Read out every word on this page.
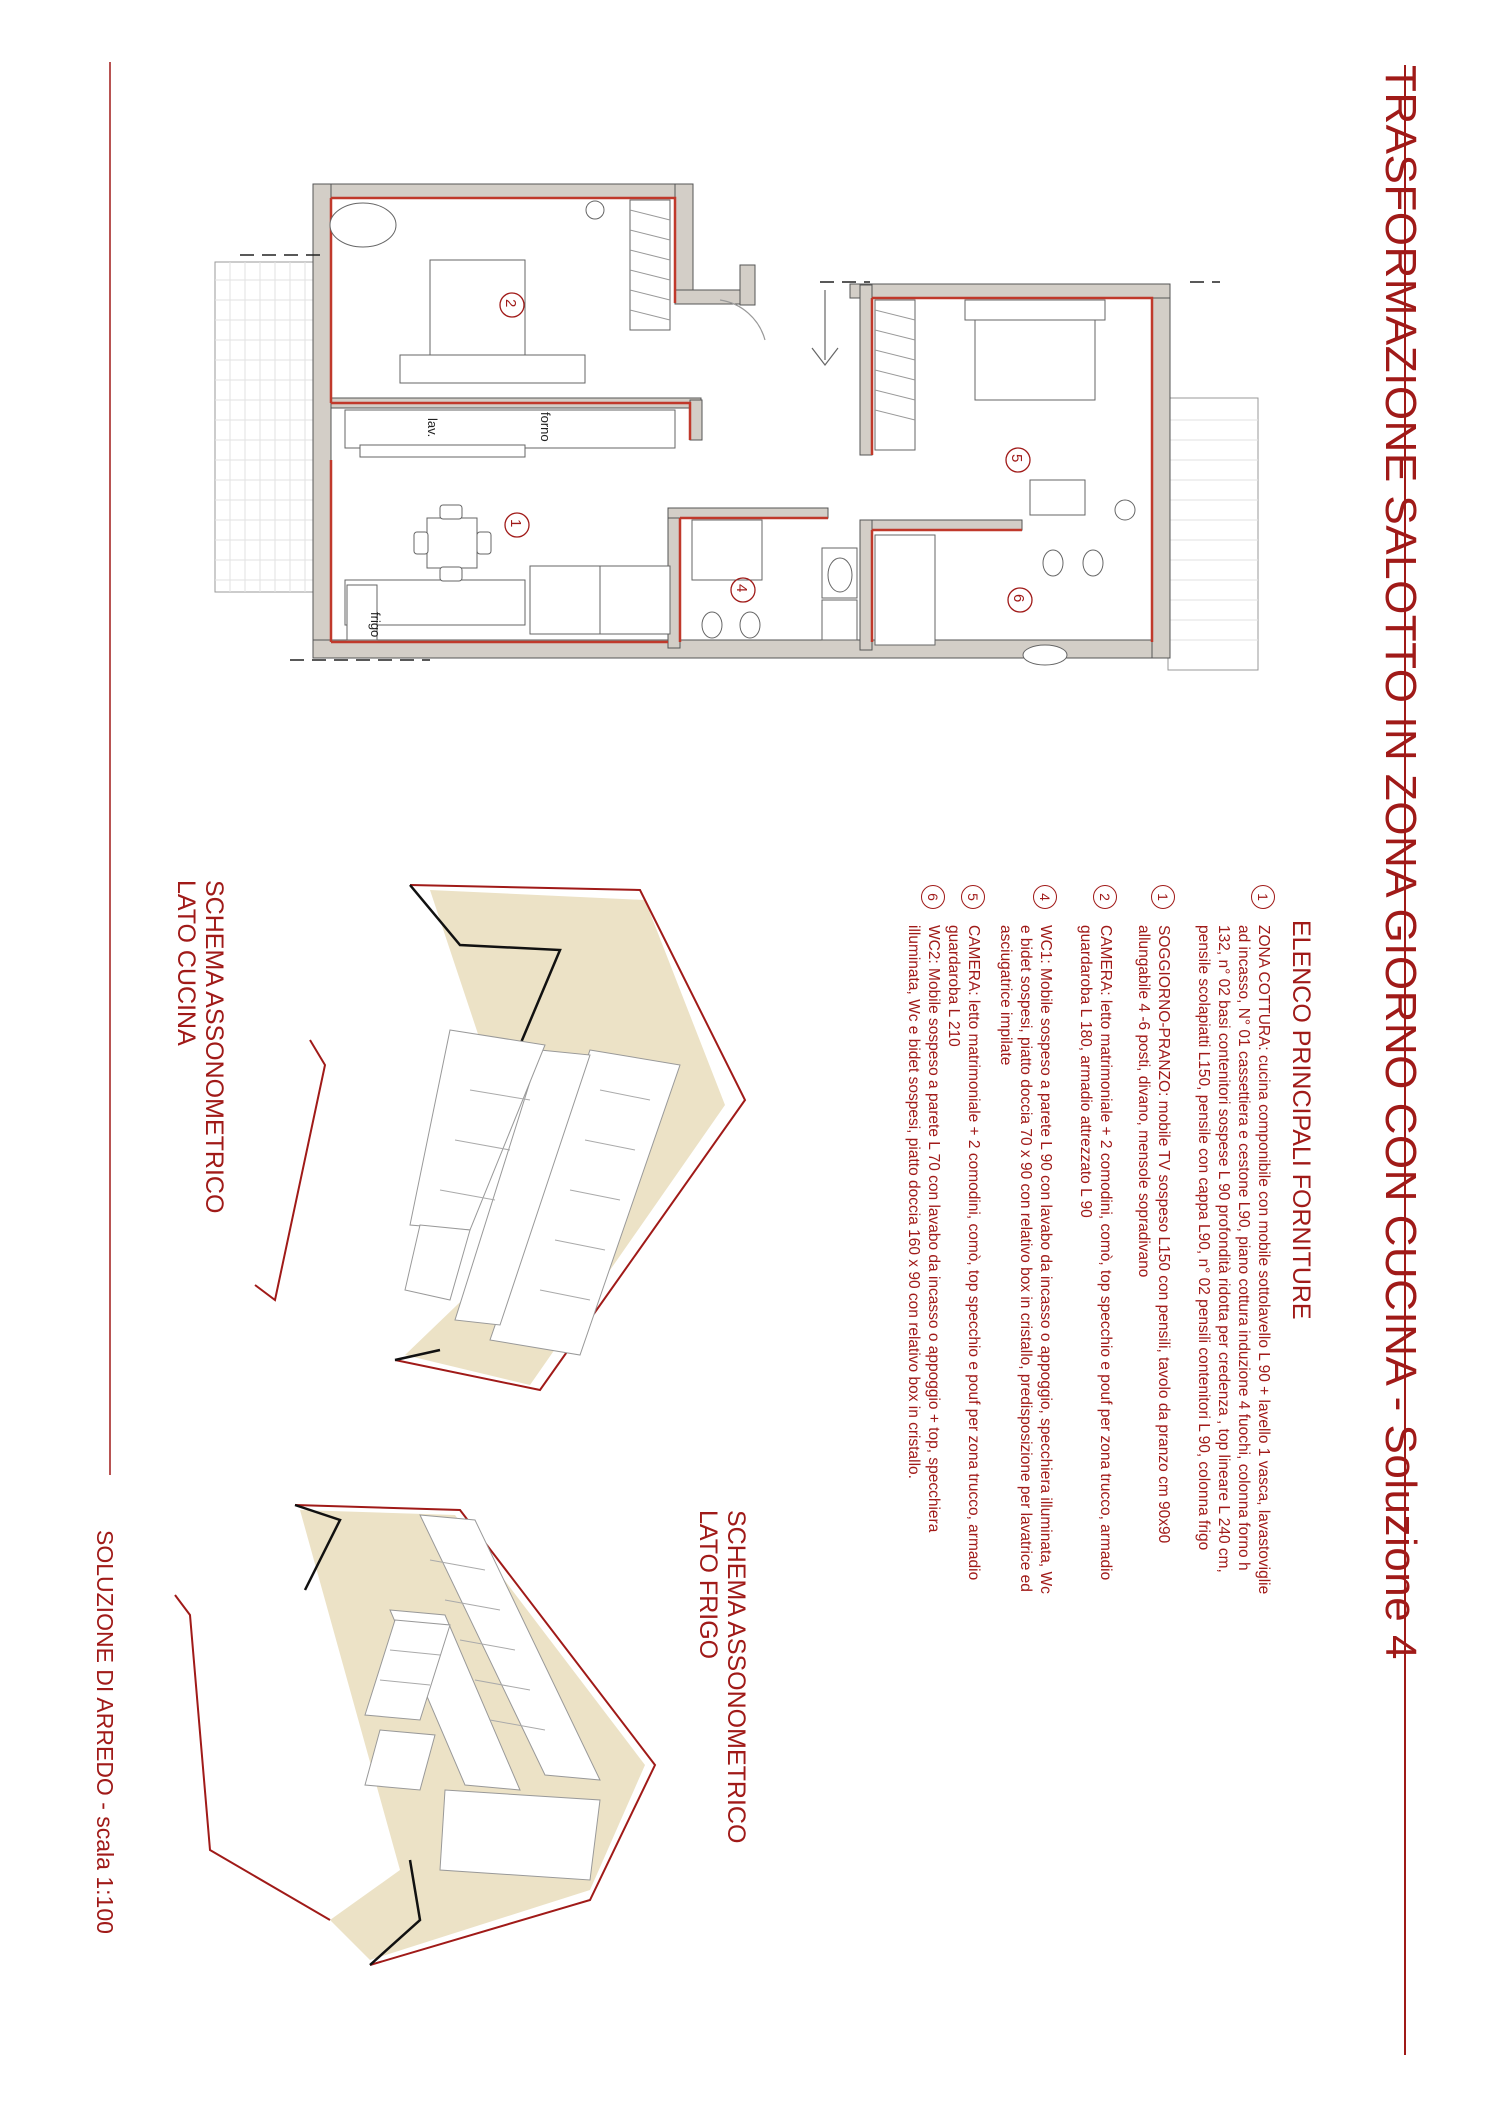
TRASFORMAZIONE SALOTTO IN ZONA GIORNO CON CUCINA - Soluzione 4
SOLUZIONE DI ARREDO - scala 1:100
ELENCO PRINCIPALI FORNITURE
1
ZONA COTTURA: cucina componibile con mobile sottolavello L 90 + lavello 1 vasca, lavastoviglie ad incasso, N° 01 cassettiera e cestone L90, piano cottura induzione 4 fuochi, colonna forno h 132, n° 02 basi contenitori sospese L 90 profondità ridotta per credenza , top lineare L 240 cm, pensile scolapiatti L150, pensile con cappa L90, n° 02 pensili contenitori L 90, colonna frigo
1
SOGGIORNO-PRANZO: mobile TV sospeso L150 con pensili, tavolo da pranzo cm 90x90 allungabile 4 -6 posti, divano, mensole sopradivano
2
CAMERA: letto matrimoniale + 2 comodini, comò, top specchio e pouf per zona trucco, armadio guardaroba L 180, armadio attrezzato L 90
4
WC1: Mobile sospeso a parete L 90 con lavabo da incasso o appoggio, specchiera illuminata, Wc e bidet sospesi, piatto doccia 70 x 90 con relativo box in cristallo, predisposizione per lavatrice ed asciugatrice impilate
5
CAMERA: letto matrimoniale + 2 comodini, comò, top specchio e pouf per zona trucco, armadio guardaroba L 210
6
WC2: Mobile sospeso a parete L 70 con lavabo da incasso o appoggio + top, specchiera illuminata, Wc e bidet sospesi, piatto doccia 160 x 90 con relativo box in cristallo.
SCHEMA ASSONOMETRICO LATO CUCINA
SCHEMA ASSONOMETRICO LATO FRIGO
2
1
4
5
6
forno
lav.
frigo
